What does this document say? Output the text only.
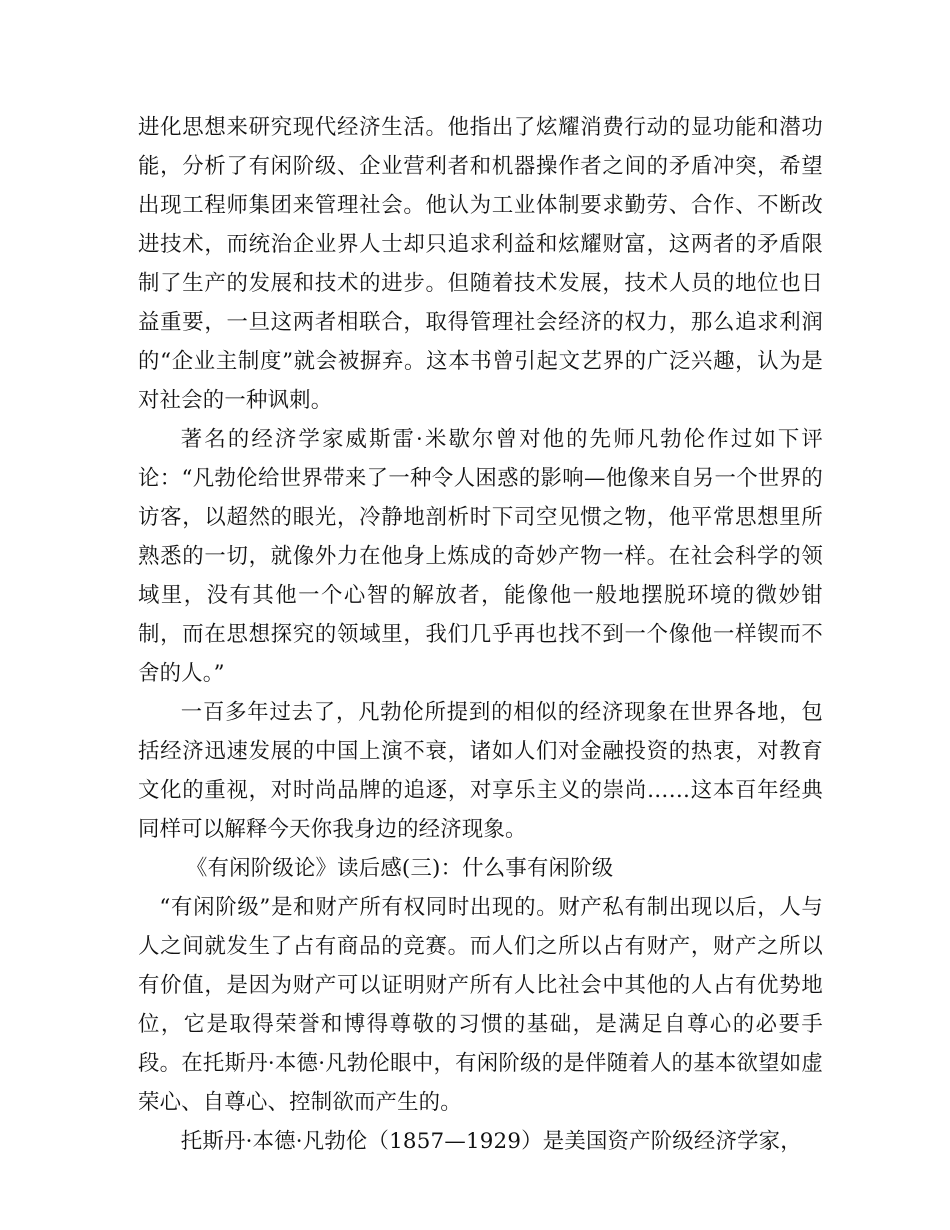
进化思想来研究现代经济生活。他指出了炫耀消费行动的显功能和潜功能，分析了有闲阶级、企业营利者和机器操作者之间的矛盾冲突，希望出现工程师集团来管理社会。他认为工业体制要求勤劳、合作、不断改进技术，而统治企业界人士却只追求利益和炫耀财富，这两者的矛盾限制了生产的发展和技术的进步。但随着技术发展，技术人员的地位也日益重要，一旦这两者相联合，取得管理社会经济的权力，那么追求利润的“企业主制度”就会被摒弃。这本书曾引起文艺界的广泛兴趣，认为是对社会的一种讽刺。

著名的经济学家威斯雷·米歇尔曾对他的先师凡勃伦作过如下评论：“凡勃伦给世界带来了一种令人困惑的影响—他像来自另一个世界的访客，以超然的眼光，冷静地剖析时下司空见惯之物，他平常思想里所熟悉的一切，就像外力在他身上炼成的奇妙产物一样。在社会科学的领域里，没有其他一个心智的解放者，能像他一般地摆脱环境的微妙钳制，而在思想探究的领域里，我们几乎再也找不到一个像他一样锲而不舍的人。”

一百多年过去了，凡勃伦所提到的相似的经济现象在世界各地，包括经济迅速发展的中国上演不衰，诸如人们对金融投资的热衷，对教育文化的重视，对时尚品牌的追逐，对享乐主义的崇尚……这本百年经典同样可以解释今天你我身边的经济现象。

《有闲阶级论》读后感(三)：什么事有闲阶级

“有闲阶级”是和财产所有权同时出现的。财产私有制出现以后，人与人之间就发生了占有商品的竞赛。而人们之所以占有财产，财产之所以有价值，是因为财产可以证明财产所有人比社会中其他的人占有优势地位，它是取得荣誉和博得尊敬的习惯的基础，是满足自尊心的必要手段。在托斯丹·本德·凡勃伦眼中，有闲阶级的是伴随着人的基本欲望如虚荣心、自尊心、控制欲而产生的。

托斯丹·本德·凡勃伦（1857—1929）是美国资产阶级经济学家，
